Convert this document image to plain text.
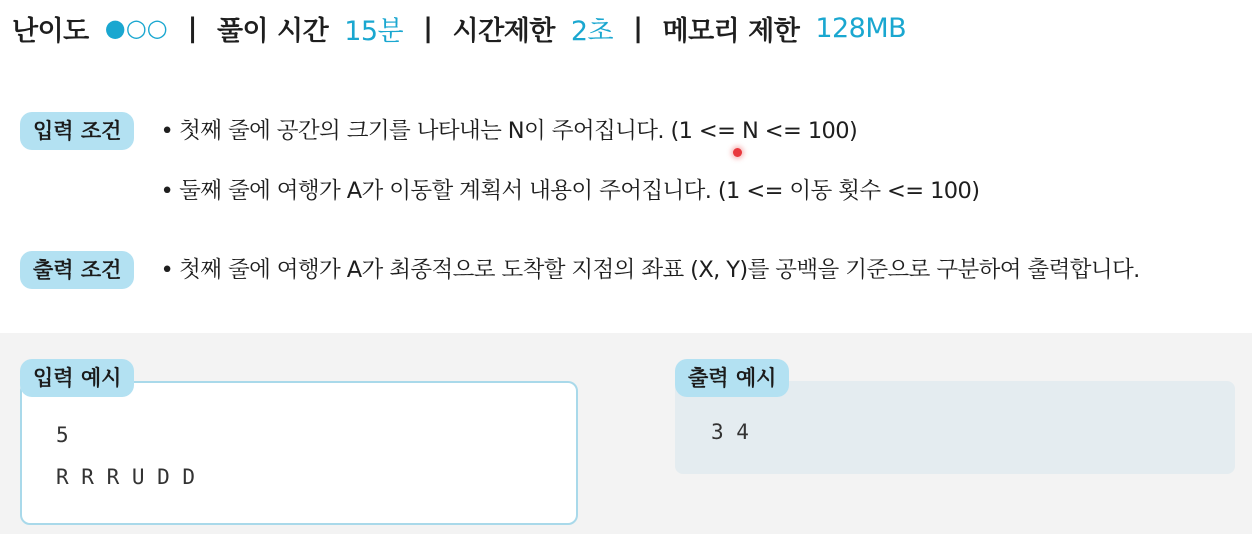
난이도 ●○○ | 풀이 시간 15분 | 시간제한 2초 | 메모리 제한 128MB
입력 조건	• 첫째 줄에 공간의 크기를 나타내는 N이 주어집니다. (1 <= N <= 100)
• 둘째 줄에 여행가 A가 이동할 계획서 내용이 주어집니다. (1 <= 이동 횟수 <= 100)
출력 조건	• 첫째 줄에 여행가 A가 최종적으로 도착할 지점의 좌표 (X, Y)를 공백을 기준으로 구분하여 출력합니다.
5
R R R U D D
입력 예시
3 4
출력 예시
